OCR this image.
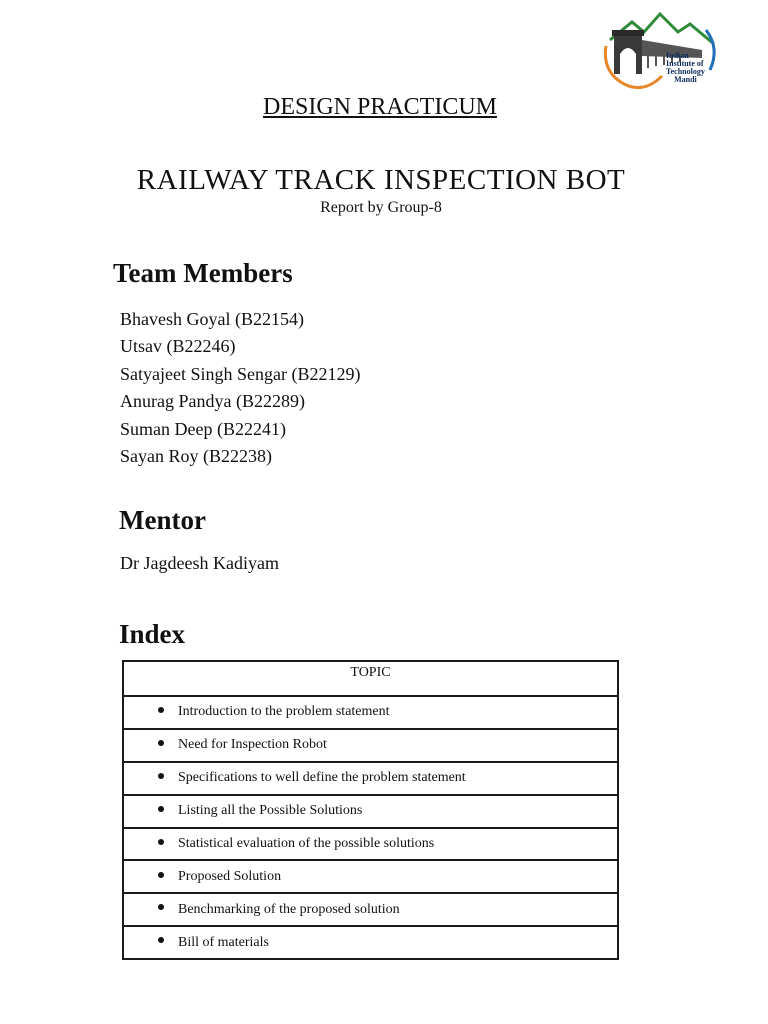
Indian
Institute of
Technology
Mandi
DESIGN PRACTICUM
RAILWAY TRACK INSPECTION BOT
Report by Group-8
Team Members
Bhavesh Goyal (B22154)
Utsav (B22246)
Satyajeet Singh Sengar (B22129)
Anurag Pandya (B22289)
Suman Deep (B22241)
Sayan Roy (B22238)
Mentor
Dr Jagdeesh Kadiyam
Index
TOPIC
Introduction to the problem statement
Need for Inspection Robot
Specifications to well define the problem statement
Listing all the Possible Solutions
Statistical evaluation of the possible solutions
Proposed Solution
Benchmarking of the proposed solution
Bill of materials
